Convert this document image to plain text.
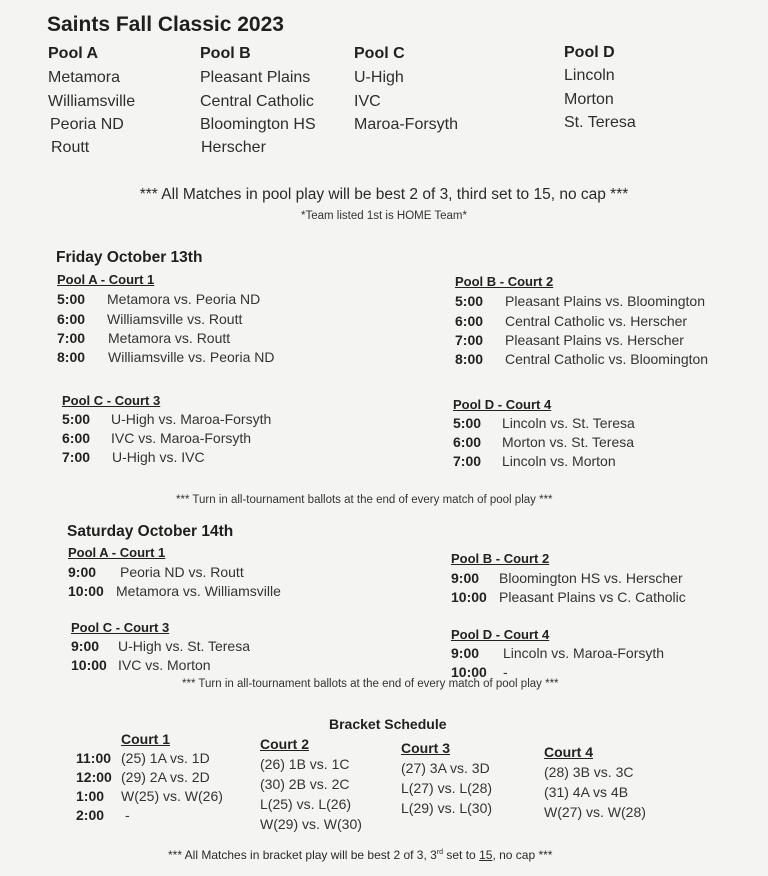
Saints Fall Classic 2023
Pool A
Metamora
Williamsville
Peoria ND
Routt
Pool B
Pleasant Plains
Central Catholic
Bloomington HS
Herscher
Pool C
U-High
IVC
Maroa-Forsyth
Pool D
Lincoln
Morton
St. Teresa
*** All Matches in pool play will be best 2 of 3, third set to 15, no cap ***
*Team listed 1st is HOME Team*
Friday October 13th
Pool A - Court 1
5:00 Metamora vs. Peoria ND
6:00 Williamsville vs. Routt
7:00 Metamora vs. Routt
8:00 Williamsville vs. Peoria ND
Pool B - Court 2
5:00 Pleasant Plains vs. Bloomington
6:00 Central Catholic vs. Herscher
7:00 Pleasant Plains vs. Herscher
8:00 Central Catholic vs. Bloomington
Pool C - Court 3
5:00 U-High vs. Maroa-Forsyth
6:00 IVC vs. Maroa-Forsyth
7:00 U-High vs. IVC
Pool D - Court 4
5:00 Lincoln vs. St. Teresa
6:00 Morton vs. St. Teresa
7:00 Lincoln vs. Morton
*** Turn in all-tournament ballots at the end of every match of pool play ***
Saturday October 14th
Pool A - Court 1
9:00 Peoria ND vs. Routt
10:00 Metamora vs. Williamsville
Pool B - Court 2
9:00 Bloomington HS vs. Herscher
10:00 Pleasant Plains vs C. Catholic
Pool C - Court 3
9:00 U-High vs. St. Teresa
10:00 IVC vs. Morton
Pool D - Court 4
9:00 Lincoln vs. Maroa-Forsyth
10:00 -
*** Turn in all-tournament ballots at the end of every match of pool play ***
Bracket Schedule
11:00
12:00
1:00
2:00
Court 1
(25) 1A vs. 1D
(29) 2A vs. 2D
W(25) vs. W(26)
-
Court 2
(26) 1B vs. 1C
(30) 2B vs. 2C
L(25) vs. L(26)
W(29) vs. W(30)
Court 3
(27) 3A vs. 3D
L(27) vs. L(28)
L(29) vs. L(30)
Court 4
(28) 3B vs. 3C
(31) 4A vs 4B
W(27) vs. W(28)
*** All Matches in bracket play will be best 2 of 3, 3rd set to 15, no cap ***
